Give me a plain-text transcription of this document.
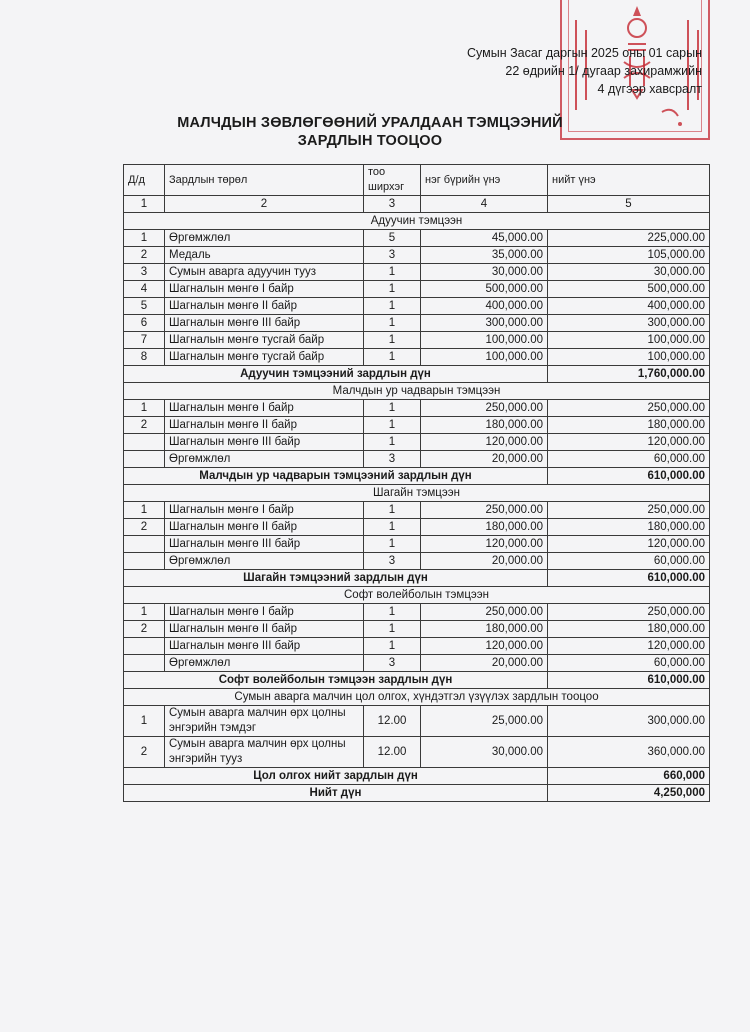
Сумын Засаг даргын 2025 оны 01 сарын
22 өдрийн 1/ дугаар захирамжийн
4 дүгээр хавсралт
МАЛЧДЫН ЗӨВЛӨГӨӨНИЙ УРАЛДААН ТЭМЦЭЭНИЙ
ЗАРДЛЫН ТООЦОО
Д/д	Зардлын төрөл	тоо ширхэг	нэг бүрийн үнэ	нийт үнэ
1	2	3	4	5
Адуучин тэмцээн				
1	Өргөмжлөл	5	45,000.00	225,000.00
2	Медаль	3	35,000.00	105,000.00
3	Сумын аварга адуучин тууз	1	30,000.00	30,000.00
4	Шагналын мөнгө I байр	1	500,000.00	500,000.00
5	Шагналын мөнгө II байр	1	400,000.00	400,000.00
6	Шагналын мөнгө III байр	1	300,000.00	300,000.00
7	Шагналын мөнгө тусгай байр	1	100,000.00	100,000.00
8	Шагналын мөнгө тусгай байр	1	100,000.00	100,000.00
Адуучин тэмцээний зардлын дүн				1,760,000.00
Малчдын ур чадварын тэмцээн				
1	Шагналын мөнгө I байр	1	250,000.00	250,000.00
2	Шагналын мөнгө II байр	1	180,000.00	180,000.00
	Шагналын мөнгө III байр	1	120,000.00	120,000.00
	Өргөмжлөл	3	20,000.00	60,000.00
Малчдын ур чадварын тэмцээний зардлын дүн				610,000.00
Шагайн тэмцээн				
1	Шагналын мөнгө I байр	1	250,000.00	250,000.00
2	Шагналын мөнгө II байр	1	180,000.00	180,000.00
	Шагналын мөнгө III байр	1	120,000.00	120,000.00
	Өргөмжлөл	3	20,000.00	60,000.00
Шагайн тэмцээний зардлын дүн				610,000.00
Софт волейболын тэмцээн				
1	Шагналын мөнгө I байр	1	250,000.00	250,000.00
2	Шагналын мөнгө II байр	1	180,000.00	180,000.00
	Шагналын мөнгө III байр	1	120,000.00	120,000.00
	Өргөмжлөл	3	20,000.00	60,000.00
Софт волейболын тэмцээн зардлын дүн				610,000.00
Сумын аварга малчин цол олгох, хүндэтгэл үзүүлэх зардлын тооцоо				
1	Сумын аварга малчин өрх цолны энгэрийн тэмдэг	12.00	25,000.00	300,000.00
2	Сумын аварга малчин өрх цолны энгэрийн тууз	12.00	30,000.00	360,000.00
Цол олгох нийт зардлын дүн				660,000
Нийт дүн				4,250,000
